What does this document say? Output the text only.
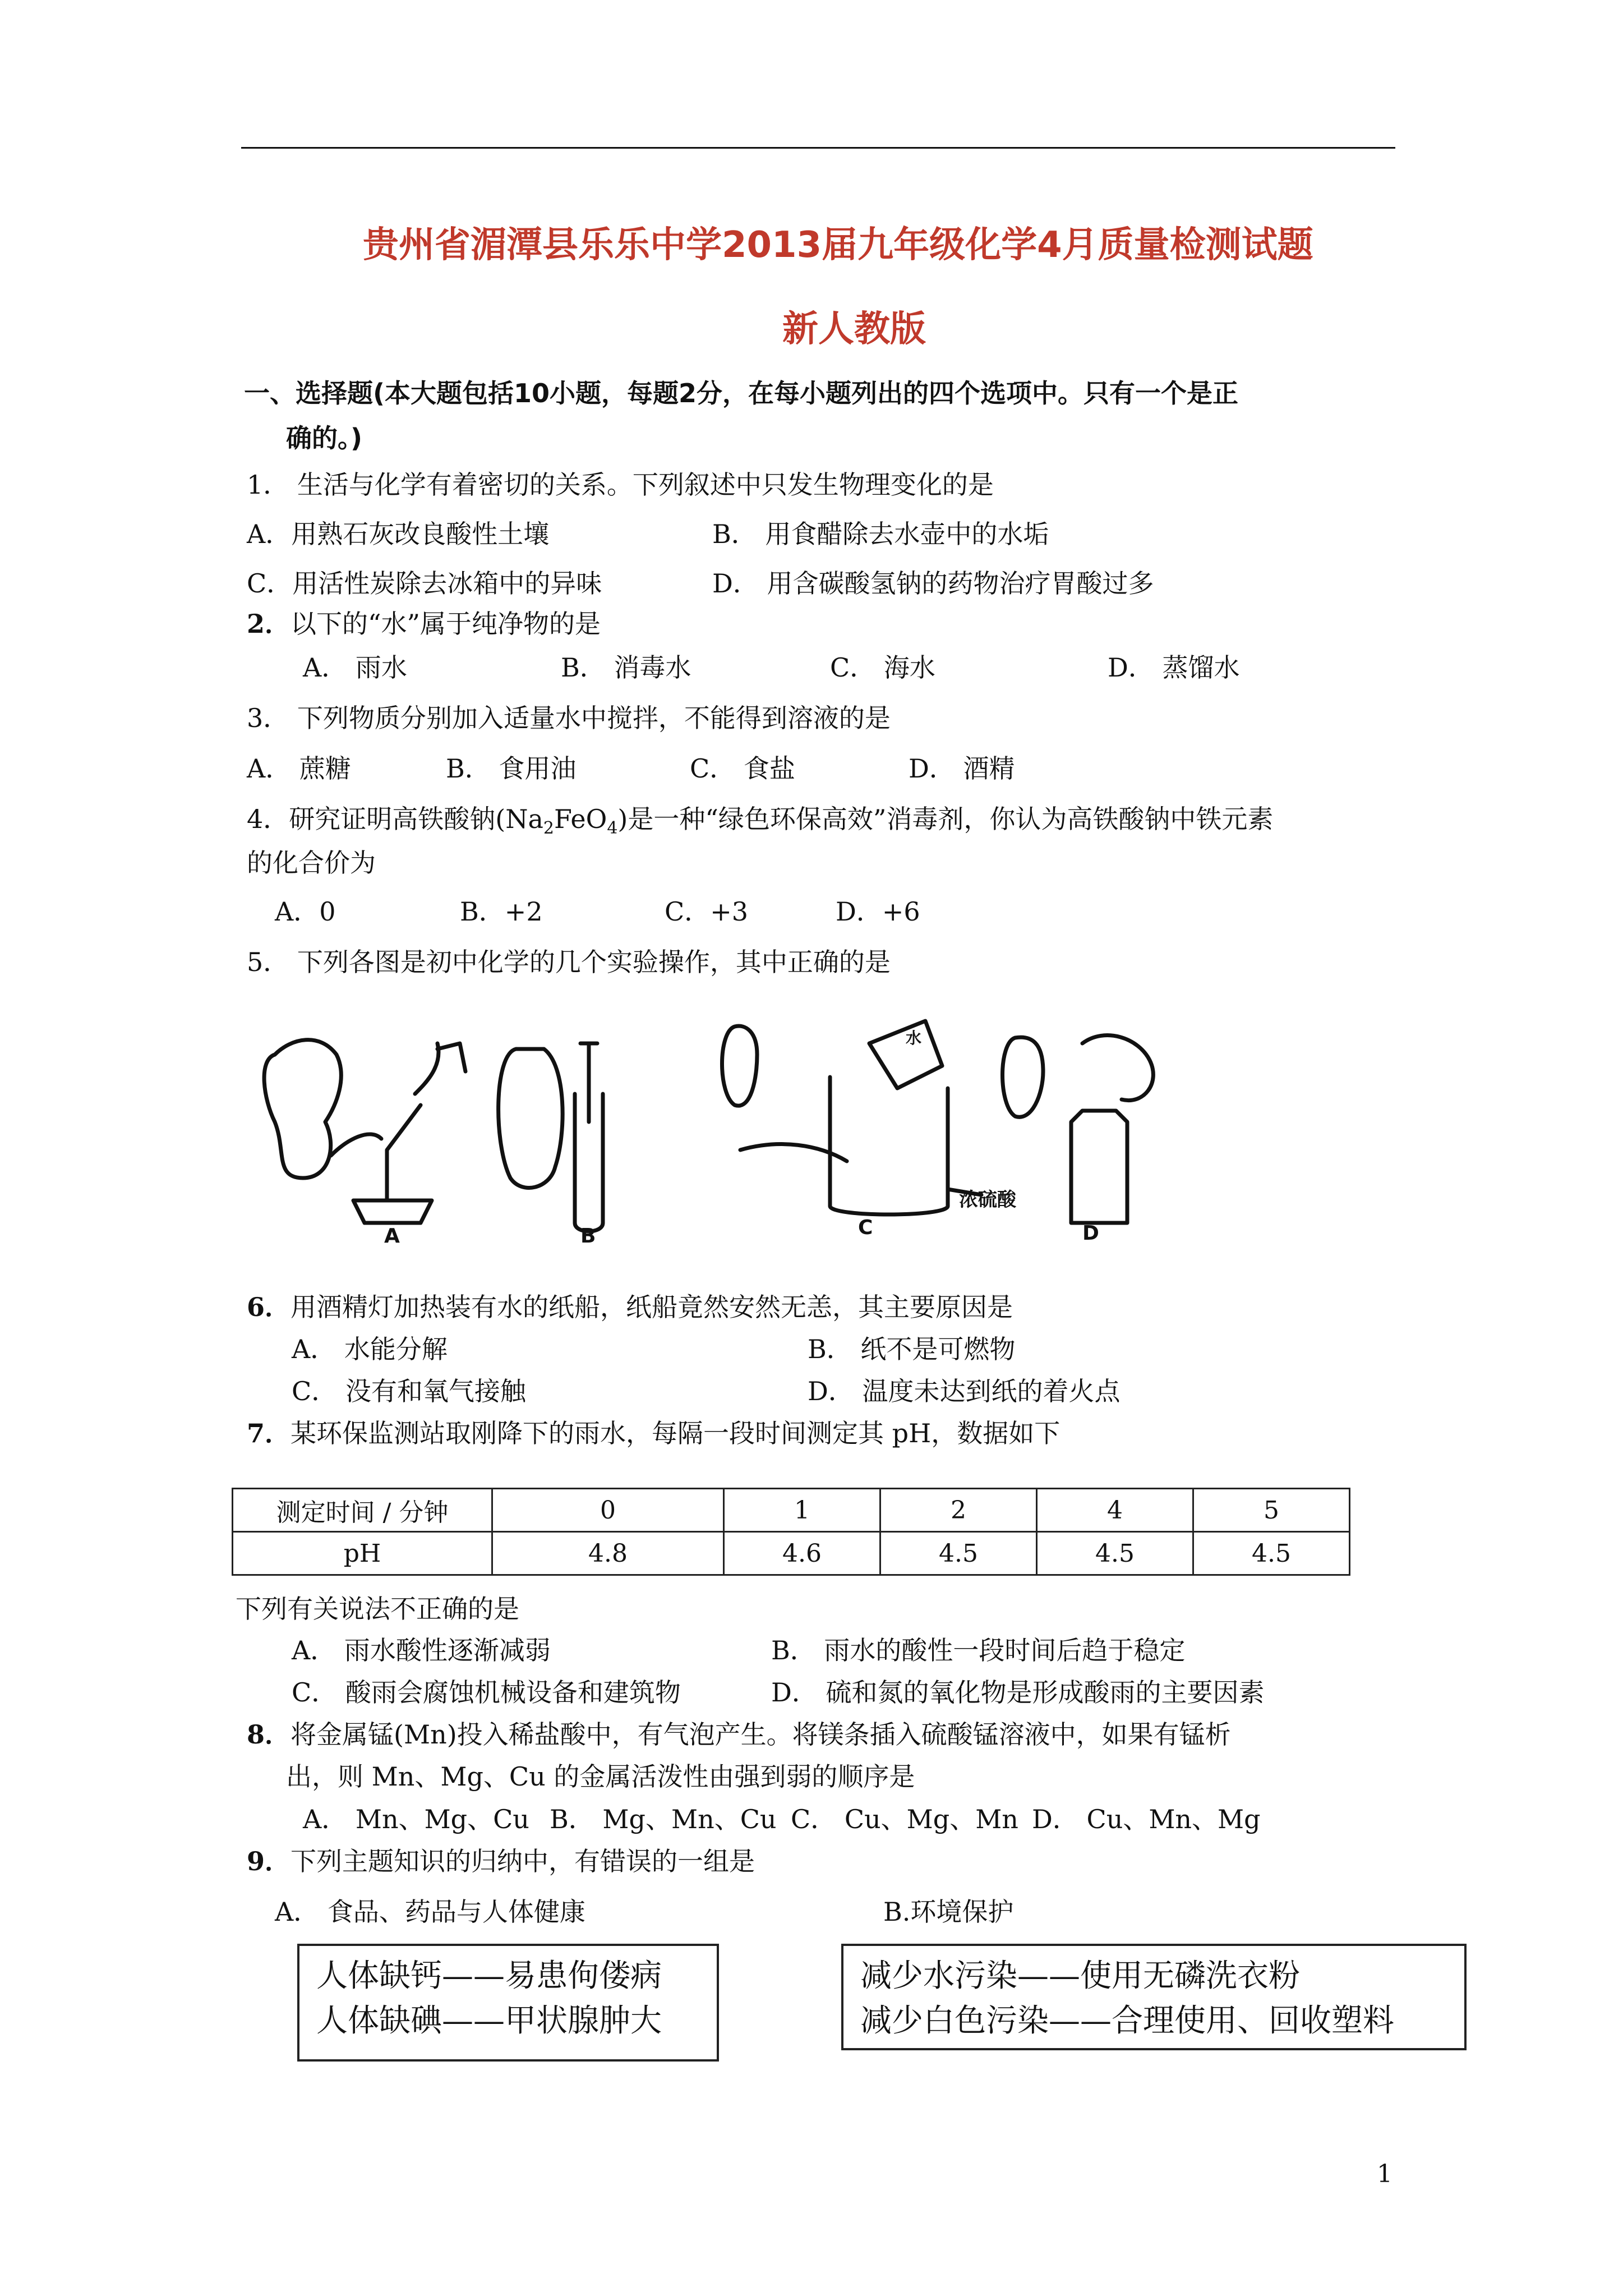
贵州省湄潭县乐乐中学2013届九年级化学4月质量检测试题
新人教版
一、选择题(本大题包括10小题，每题2分，在每小题列出的四个选项中。只有一个是正
确的。)
1． 生活与化学有着密切的关系。下列叙述中只发生物理变化的是
A．用熟石灰改良酸性土壤	B． 用食醋除去水壶中的水垢
C．用活性炭除去冰箱中的异味	D． 用含碳酸氢钠的药物治疗胃酸过多
2．以下的“水”属于纯净物的是
A． 雨水	B． 消毒水	C． 海水	D． 蒸馏水
3． 下列物质分别加入适量水中搅拌，不能得到溶液的是
A． 蔗糖	B． 食用油	C． 食盐	D． 酒精
4．研究证明高铁酸钠$(Na_2FeO_4)$是一种“绿色环保高效”消毒剂，你认为高铁酸钠中铁元素
的化合价为
A．0	B．+2	C．+3	D．+6
5． 下列各图是初中化学的几个实验操作，其中正确的是
A	B	C	D
浓硫酸
水
6．用酒精灯加热装有水的纸船，纸船竟然安然无恙，其主要原因是
A． 水能分解	B． 纸不是可燃物
C． 没有和氧气接触	D． 温度未达到纸的着火点
7．某环保监测站取刚降下的雨水，每隔一段时间测定其 pH，数据如下
测定时间 / 分钟	0	1	2	4	5
pH	4.8	4.6	4.5	4.5	4.5
下列有关说法不正确的是
A． 雨水酸性逐渐减弱	B． 雨水的酸性一段时间后趋于稳定
C． 酸雨会腐蚀机械设备和建筑物	D． 硫和氮的氧化物是形成酸雨的主要因素
8．将金属锰(Mn)投入稀盐酸中，有气泡产生。将镁条插入硫酸锰溶液中，如果有锰析
出，则 Mn、Mg、Cu 的金属活泼性由强到弱的顺序是
A． Mn、Mg、Cu B． Mg、Mn、Cu C． Cu、Mg、Mn D． Cu、Mn、Mg
9．下列主题知识的归纳中，有错误的一组是
A． 食品、药品与人体健康	B.环境保护
人体缺钙——易患佝偻病
人体缺碘——甲状腺肿大
减少水污染——使用无磷洗衣粉
减少白色污染——合理使用、回收塑料
1
